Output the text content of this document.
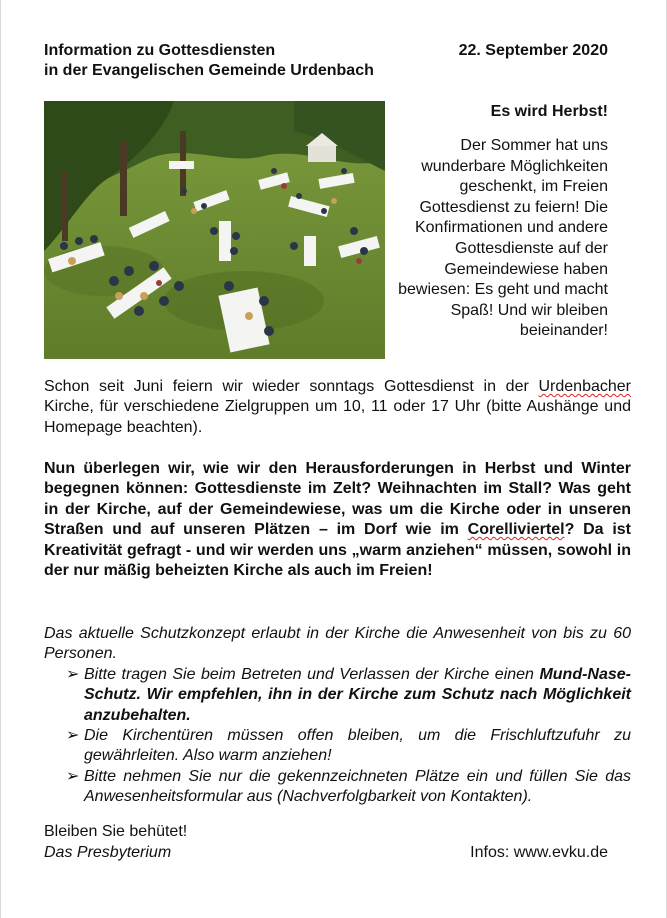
Information zu Gottesdiensten
in der Evangelischen Gemeinde Urdenbach
22. September 2020
Es wird Herbst!
Der Sommer hat uns wunderbare Möglichkeiten geschenkt, im Freien Gottesdienst zu feiern! Die Konfirmationen und andere Gottesdienste auf der Gemeindewiese haben bewiesen: Es geht und macht Spaß! Und wir bleiben beieinander!
Schon seit Juni feiern wir wieder sonntags Gottesdienst in der Urdenbacher Kirche, für verschiedene Zielgruppen um 10, 11 oder 17 Uhr (bitte Aushänge und Homepage beachten).
Nun überlegen wir, wie wir den Herausforderungen in Herbst und Winter begegnen können: Gottesdienste im Zelt? Weihnachten im Stall? Was geht in der Kirche, auf der Gemeindewiese, was um die Kirche oder in unseren Straßen und auf unseren Plätzen – im Dorf wie im Corelliviertel? Da ist Kreativität gefragt - und wir werden uns „warm anziehen“ müssen, sowohl in der nur mäßig beheizten Kirche als auch im Freien!
Das aktuelle Schutzkonzept erlaubt in der Kirche die Anwesenheit von bis zu 60 Personen.
➢ Bitte tragen Sie beim Betreten und Verlassen der Kirche einen Mund-Nase-Schutz. Wir empfehlen, ihn in der Kirche zum Schutz nach Möglichkeit anzubehalten.
➢ Die Kirchentüren müssen offen bleiben, um die Frischluftzufuhr zu gewährleiten. Also warm anziehen!
➢ Bitte nehmen Sie nur die gekennzeichneten Plätze ein und füllen Sie das Anwesenheitsformular aus (Nachverfolgbarkeit von Kontakten).
Bleiben Sie behütet!
Das Presbyterium	Infos: www.evku.de
